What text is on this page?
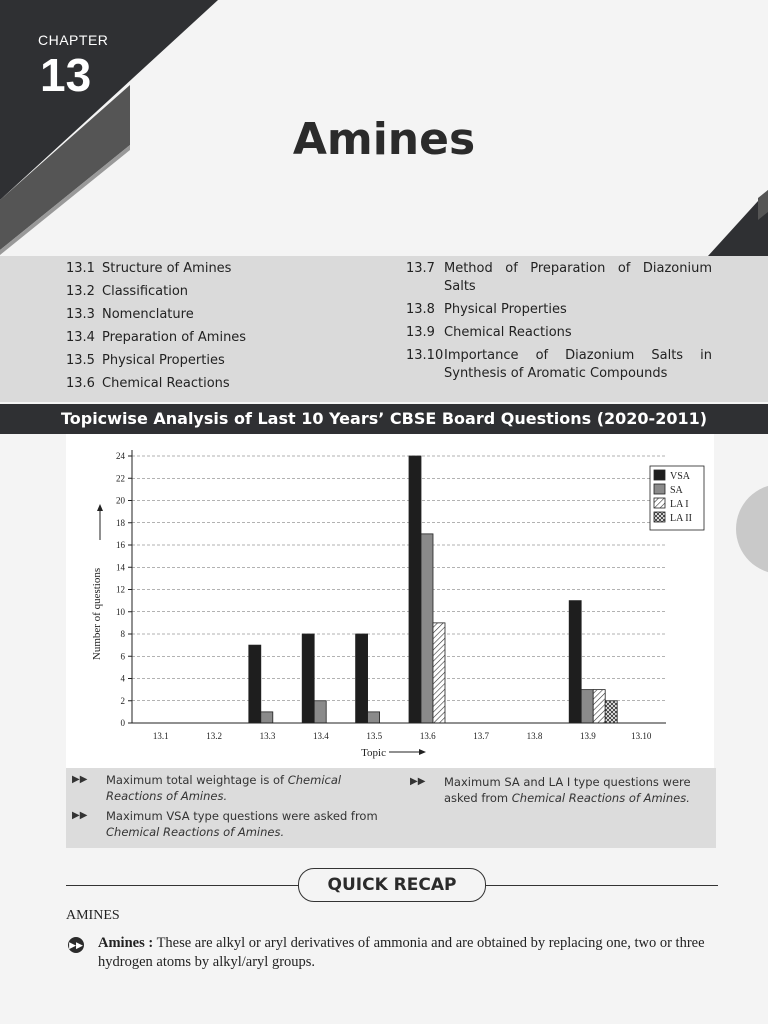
CHAPTER
13
Amines
13.1 Structure of Amines
13.2 Classification
13.3 Nomenclature
13.4 Preparation of Amines
13.5 Physical Properties
13.6 Chemical Reactions
13.7 Method of Preparation of Diazonium Salts
13.8 Physical Properties
13.9 Chemical Reactions
13.10 Importance of Diazonium Salts in Synthesis of Aromatic Compounds
Topicwise Analysis of Last 10 Years’ CBSE Board Questions (2020-2011)
0
2
4
6
8
10
12
14
16
18
20
22
24
13.1	13.2	13.3	13.4	13.5	13.6	13.7	13.8	13.9	13.10
VSA
SA
LA I
LA II
Number of questions
Topic
▶▶	Maximum total weightage is of Chemical Reactions of Amines.
▶▶	Maximum VSA type questions were asked from Chemical Reactions of Amines.
▶▶	Maximum SA and LA I type questions were asked from Chemical Reactions of Amines.
QUICK RECAP
AMINES
▶▶ Amines : These are alkyl or aryl derivatives of ammonia and are obtained by replacing one, two or three hydrogen atoms by alkyl/aryl groups.
